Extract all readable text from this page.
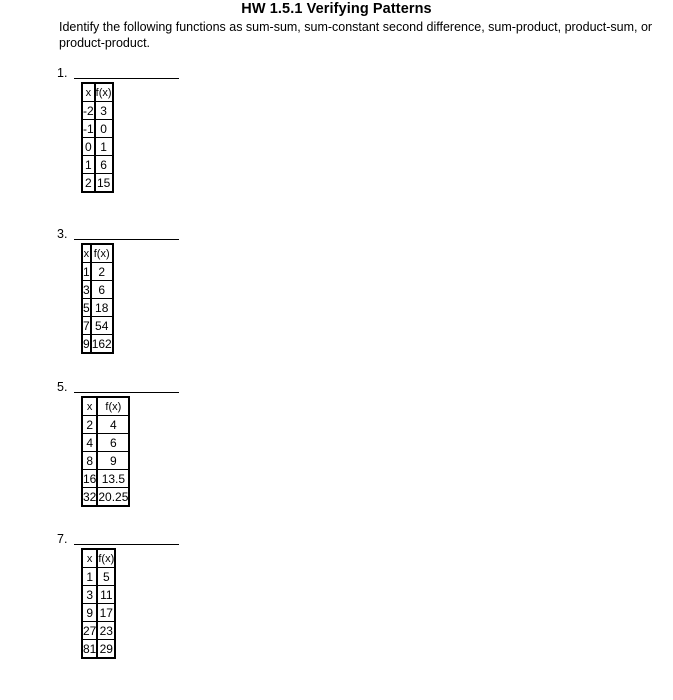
HW 1.5.1 Verifying Patterns
Identify the following functions as sum-sum, sum-constant second difference, sum-product, product-sum, or product-product.
1.
x	f(x)
-2	3
-1	0
0	1
1	6
2	15
3.
x	f(x)
1	2
3	6
5	18
7	54
9	162
5.
x	f(x)
2	4
4	6
8	9
16	13.5
32	20.25
7.
x	f(x)
1	5
3	11
9	17
27	23
81	29
